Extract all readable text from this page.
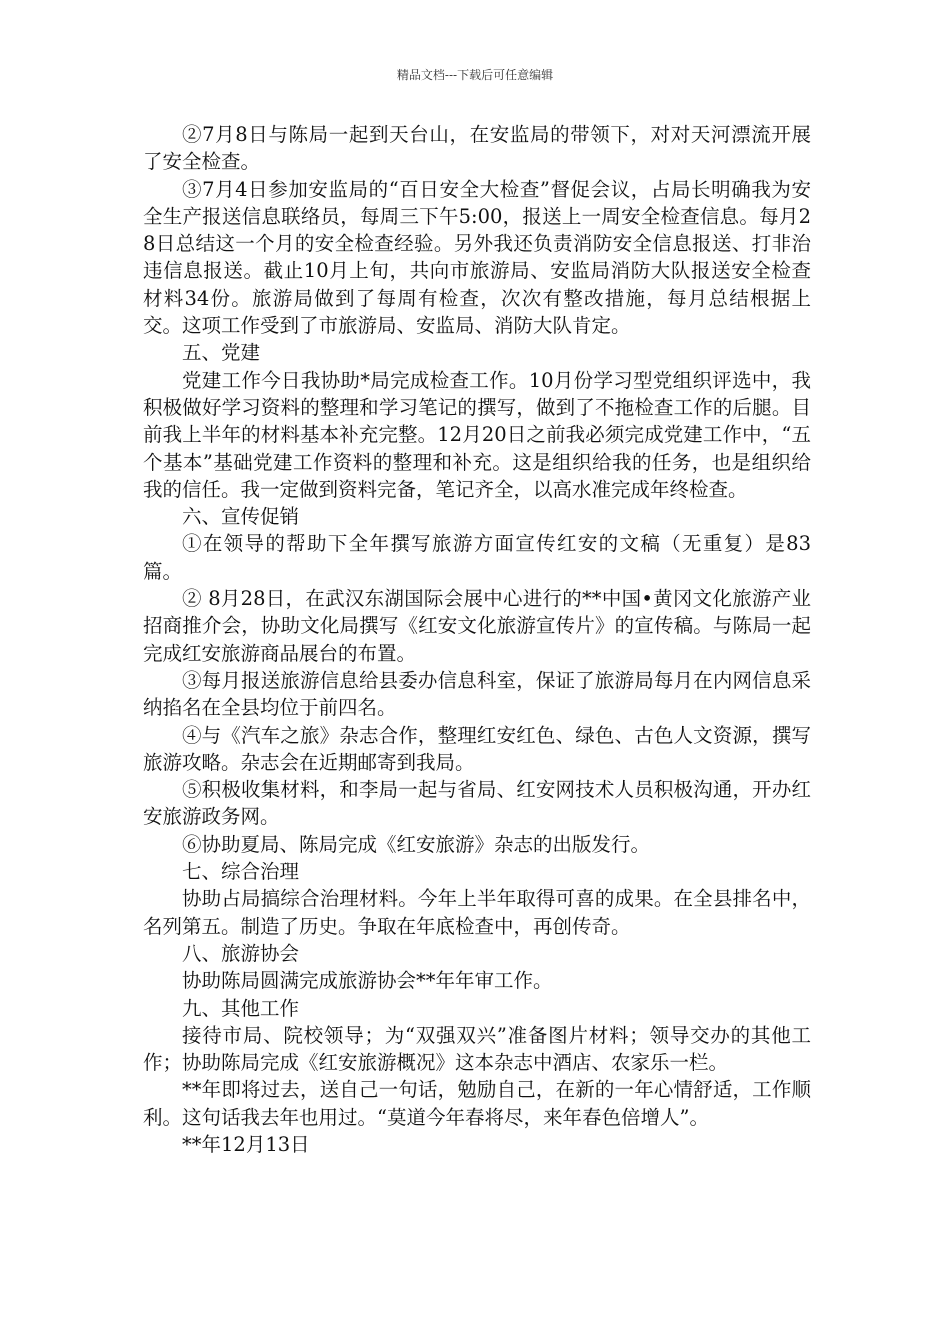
精品文档---下载后可任意编辑

②7月8日与陈局一起到天台山，在安监局的带领下，对对天河漂流开展了安全检查。

③7月4日参加安监局的“百日安全大检查”督促会议，占局长明确我为安全生产报送信息联络员，每周三下午5:00，报送上一周安全检查信息。每月28日总结这一个月的安全检查经验。另外我还负责消防安全信息报送、打非治违信息报送。截止10月上旬，共向市旅游局、安监局消防大队报送安全检查材料34份。旅游局做到了每周有检查，次次有整改措施，每月总结根据上交。这项工作受到了市旅游局、安监局、消防大队肯定。

五、党建

党建工作今日我协助*局完成检查工作。10月份学习型党组织评选中，我积极做好学习资料的整理和学习笔记的撰写，做到了不拖检查工作的后腿。目前我上半年的材料基本补充完整。12月20日之前我必须完成党建工作中，“五个基本”基础党建工作资料的整理和补充。这是组织给我的任务，也是组织给我的信任。我一定做到资料完备，笔记齐全，以高水准完成年终检查。

六、宣传促销

①在领导的帮助下全年撰写旅游方面宣传红安的文稿（无重复）是83篇。

② 8月28日，在武汉东湖国际会展中心进行的**中国•黄冈文化旅游产业招商推介会，协助文化局撰写《红安文化旅游宣传片》的宣传稿。与陈局一起完成红安旅游商品展台的布置。

③每月报送旅游信息给县委办信息科室，保证了旅游局每月在内网信息采纳掐名在全县均位于前四名。

④与《汽车之旅》杂志合作，整理红安红色、绿色、古色人文资源，撰写旅游攻略。杂志会在近期邮寄到我局。

⑤积极收集材料，和李局一起与省局、红安网技术人员积极沟通，开办红安旅游政务网。

⑥协助夏局、陈局完成《红安旅游》杂志的出版发行。

七、综合治理

协助占局搞综合治理材料。今年上半年取得可喜的成果。在全县排名中，名列第五。制造了历史。争取在年底检查中，再创传奇。

八、旅游协会

协助陈局圆满完成旅游协会**年年审工作。

九、其他工作

接待市局、院校领导；为“双强双兴”准备图片材料；领导交办的其他工作；协助陈局完成《红安旅游概况》这本杂志中酒店、农家乐一栏。

**年即将过去，送自己一句话，勉励自己，在新的一年心情舒适，工作顺利。这句话我去年也用过。“莫道今年春将尽，来年春色倍增人”。

**年12月13日
